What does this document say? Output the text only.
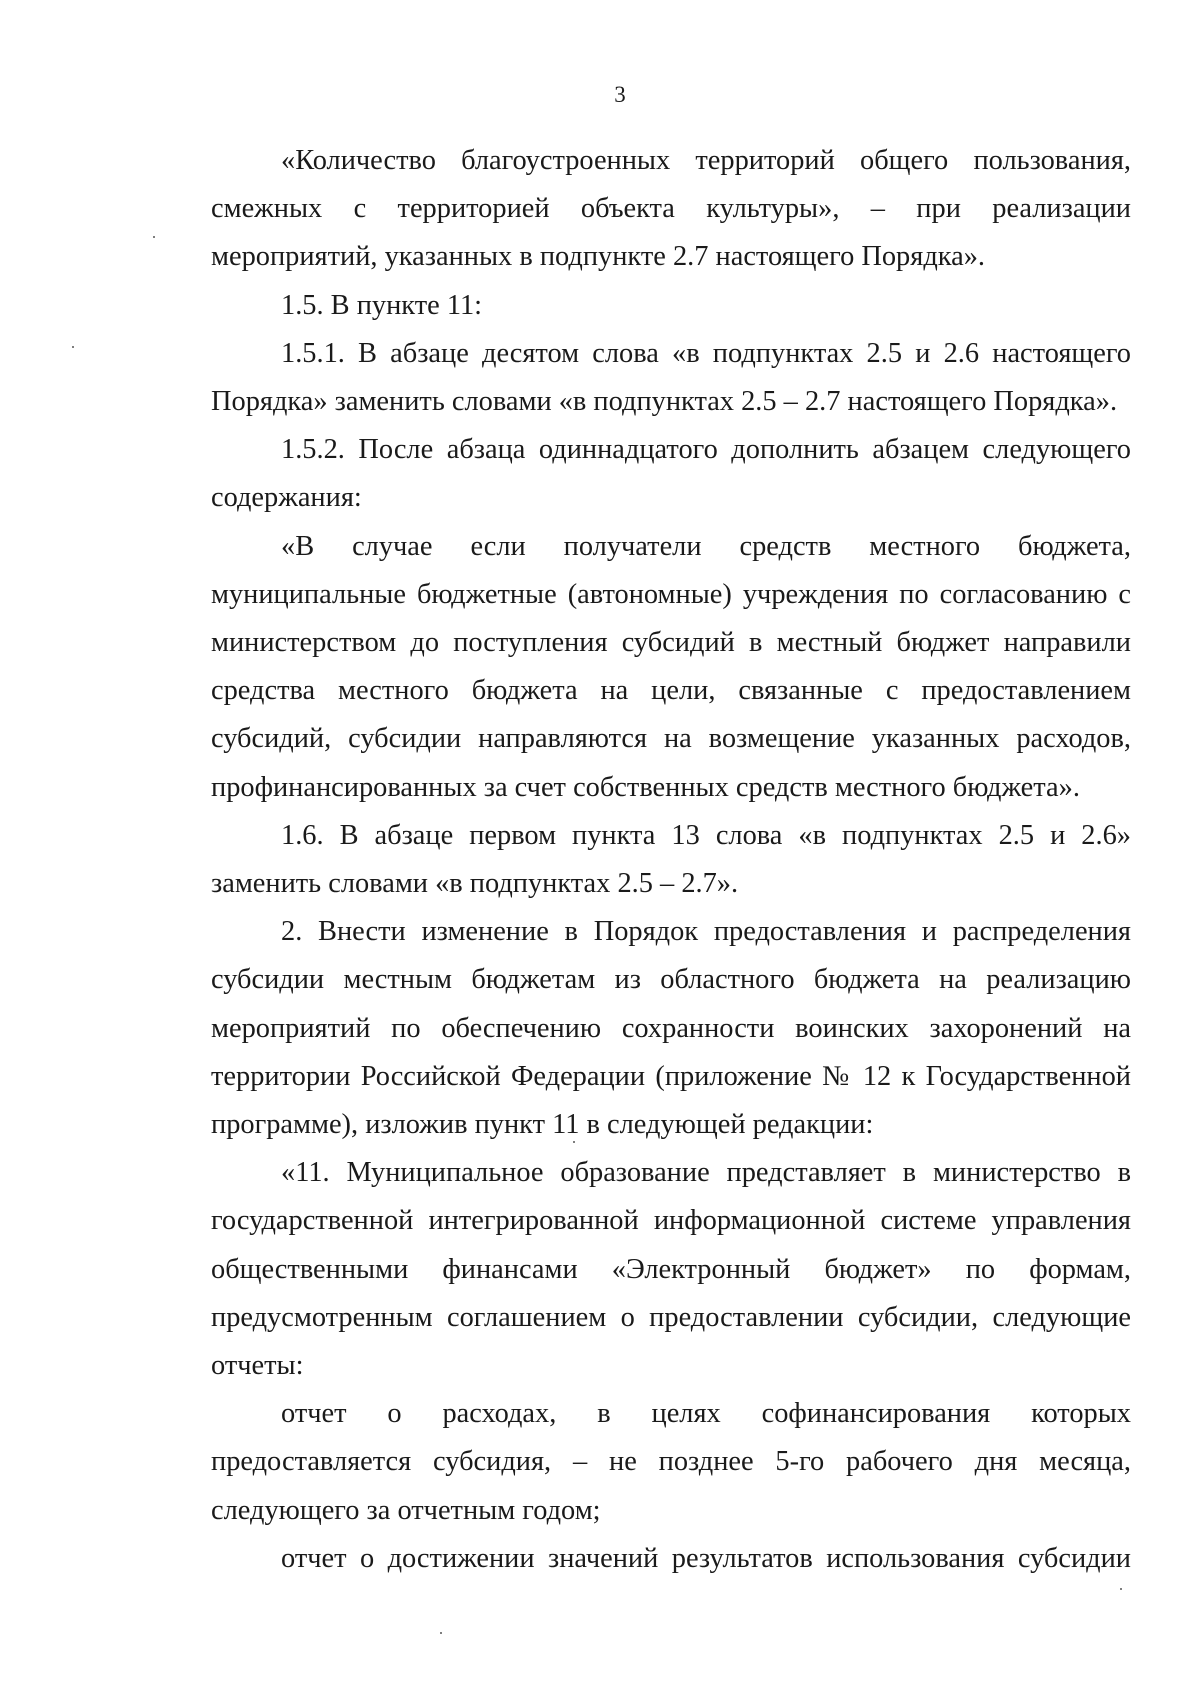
3

«Количество благоустроенных территорий общего пользования, смежных с территорией объекта культуры», – при реализации мероприятий, указанных в подпункте 2.7 настоящего Порядка».

1.5. В пункте 11:

1.5.1. В абзаце десятом слова «в подпунктах 2.5 и 2.6 настоящего Порядка» заменить словами «в подпунктах 2.5 – 2.7 настоящего Порядка».

1.5.2. После абзаца одиннадцатого дополнить абзацем следующего содержания:

«В случае если получатели средств местного бюджета, муниципальные бюджетные (автономные) учреждения по согласованию с министерством до поступления субсидий в местный бюджет направили средства местного бюджета на цели, связанные с предоставлением субсидий, субсидии направляются на возмещение указанных расходов, профинансированных за счет собственных средств местного бюджета».

1.6. В абзаце первом пункта 13 слова «в подпунктах 2.5 и 2.6» заменить словами «в подпунктах 2.5 – 2.7».

2. Внести изменение в Порядок предоставления и распределения субсидии местным бюджетам из областного бюджета на реализацию мероприятий по обеспечению сохранности воинских захоронений на территории Российской Федерации (приложение № 12 к Государственной программе), изложив пункт 11 в следующей редакции:

«11. Муниципальное образование представляет в министерство в государственной интегрированной информационной системе управления общественными финансами «Электронный бюджет» по формам, предусмотренным соглашением о предоставлении субсидии, следующие отчеты:

отчет о расходах, в целях софинансирования которых предоставляется субсидия, – не позднее 5-го рабочего дня месяца, следующего за отчетным годом;

отчет о достижении значений результатов использования субсидии
